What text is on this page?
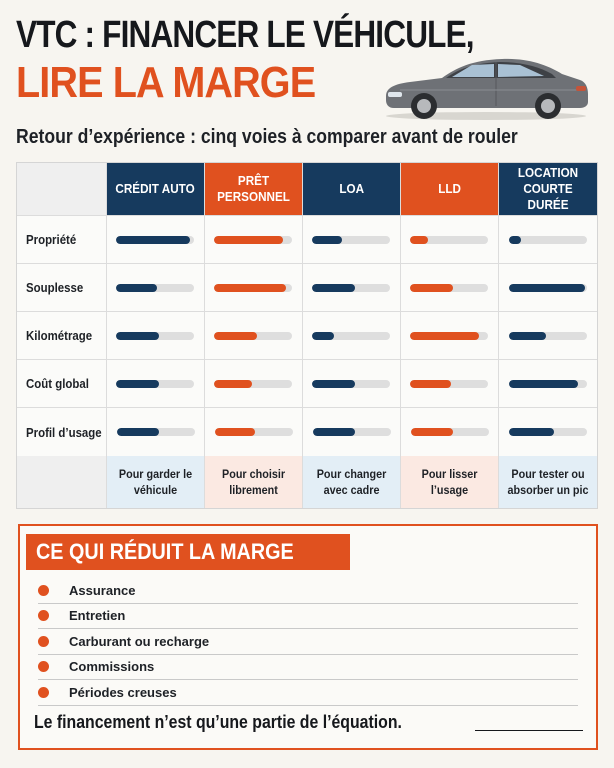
VTC : FINANCER LE VÉHICULE,
LIRE LA MARGE
Retour d’expérience : cinq voies à comparer avant de rouler
CRÉDIT AUTO
PRÊT PERSONNEL
LOA	LLD
LOCATION COURTE DURÉE
Propriété
Souplesse
Kilométrage
Coût global
Profil d’usage
Pour garder le véhicule
Pour choisir librement
Pour changer avec cadre
Pour lisser l’usage
Pour tester ou absorber un pic
CE QUI RÉDUIT LA MARGE
Assurance
Entretien
Carburant ou recharge
Commissions
Périodes creuses
Le financement n’est qu’une partie de l’équation.
